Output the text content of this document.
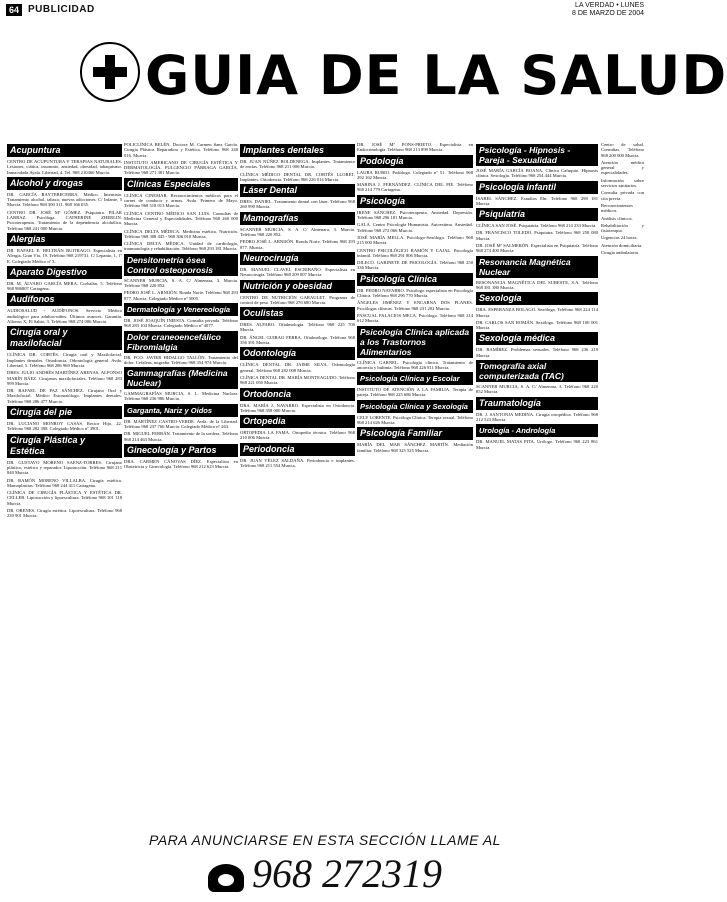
64 PUBLICIDAD	LA VERDAD • LUNES
8 DE MARZO DE 2004
GUIA DE LA SALUD
Acupuntura
CENTRO DE ACUPUNTURA Y TERAPIAS NATURALES. Lesiones, ciática, insomnio, ansiedad, obesidad, tabaquismo. Inmaculada Ayala. Libertad, 4. Tel. 968 210460 Murcia.
Alcohol y drogas
DR. GARCÍA RAYTEBECERRA. Médico. Internista. Tratamiento alcohol, tabaco, nuevas adicciones. C/ Infante, 5 Murcia. Teléfono 968 300 311. 968 166 035.
CENTRO DR. JOSÉ Mª GÓMEZ. Psiquiatra. PILAR LARRAZ. Psicóloga. CATHERINE ZHERLIN. Psicoterapeuta. Tratamiento de la dependencia alcohólica. Teléfono 968 241 000 Murcia.
Alergias
DR. RAFAEL E. BELTRÁN BUITRAGO. Especialista en Alergia. Gran Vía, 19. Teléfono 968 219731. C/ Lepanto, 1, 1º E. Colegiado Médico nº 3.
Aparato Digestivo
DR. M. ÁLVARO GARCÍA MERA. Corbalán, 5. Teléfono 968 986807 Cartagena.
Audífonos
AUDIOSALUD - AUDÍFONOS. Servicio Médico audiológico para adultos-niños. Últimos avances. Garantía. Alfonso X, El Sabio, 3. Teléfono 968 274 006 Murcia.
Cirugía oral y maxilofacial
CLÍNICA DR. CORTÉS. Cirugía oral y Maxilofacial. Implantes dentales. Ortodoncia. Odontología general. Avda. Libertad, 5. Teléfono 968 286 969 Murcia.
DRES. JULIO ANDRÉS MARTÍNEZ ARENAS, ALFONSO MARÍN BÁEZ. Cirujanos maxilofaciales. Teléfono 968 283 999 Murcia.
DR. RAFAEL DE PAZ SÁNCHEZ. Cirujano Oral y Maxilofacial. Médico Estomatólogo. Implantes dentales. Teléfono 968 286 477 Murcia.
Cirugía del pie
DR. LUCIANO MONROY CASAS. Rector Hijo, 22. Teléfono 968 282 398. Colegiado Médico nº 3901.
Cirugía Plástica y Estética
DR. GUSTAVO MORENO SAENZ-TORRES. Cirujano plástico, estético y reparador. Liposucción. Teléfono 968 211 840 Murcia.
DR. RAMÓN MORENO VILLALBA. Cirugía estética. Mamoplastias. Teléfono 968 244 411 Cartagena.
CLÍNICA DE CIRUGÍA PLÁSTICA Y ESTÉTICA DR. CELLER. Liposucción y lipoescultura. Teléfono 968 101 118 Murcia.
DR. ORENES. Cirugía estética. Lipoescultura. Teléfono 968 230 901 Murcia.
POLICLÍNICA BELÉN. Doctora M. Carmen Sanz García. Cirugía Plástica Reparadora y Estética. Teléfono 968 240 016. Murcia.
INSTITUTO AMERICANO DE CIRUGÍA ESTÉTICA Y DERMATOLOGÍA. FULGENCIO PÁRRAGA GARCÍA. Teléfono 968 271 381 Murcia.
Clínicas Especiales
CLÍNICA CINEMAR. Reconocimientos médicos para el carnet de conducir y armas. Avda. Primero de Mayo. Teléfono 968 518 013 Murcia.
CLÍNICA CENTRO MÉDICO SAN LUIS. Consultas de Medicina General y Especialidades. Teléfono 968 260 000 Murcia.
CLÍNICA DELTA MÉDICA. Medicina estética. Nutrición. Teléfono 968 308 445 - 968 306 010 Murcia.
CLÍNICA DELTA MÉDICA. Unidad de cardiología, traumatología y rehabilitación. Teléfono 968 293 181 Murcia.
Densitometría ósea Control osteoporosis
SCANNER MURCIA, S. A. C/ Almenara, 3. Murcia. Teléfono 968 220 852.
PEDRO JOSÉ L. ARNIJÓN. Ronda Norte. Teléfono 968 293 877. Murcia. Colegiado Médico nº 5005.
Dermatología y Venereología
DR. JOSÉ JOAQUÍN INIESTA. Consulta privada. Teléfono 968 283 104 Murcia. Colegiado Médico nº 4077.
Dolor craneoencefálico Fibromialgia
DR. FCO. JAVIER HIDALGO TALLÓN. Tratamiento del dolor. Cefaleas, migraña. Teléfono 968 354 974 Murcia.
Gammagrafías (Medicina Nuclear)
GAMMAGRAFÍAS MURCIA, S. L. Medicina Nuclear. Teléfono 968 236 986 Murcia.
Garganta, Nariz y Oídos
DR. MARTÍNEZ CASTRO-VERDE. Avda. de la Libertad. Teléfono 968 237 766 Murcia. Colegiado Médico nº 263.
DR. MIGUEL FERRÁN. Tratamiento de la sordera. Teléfono 968 214 463 Murcia.
Ginecología y Partos
DRA. CARMEN CÁNOVAS DÍEZ. Especialista en Obstetricia y Ginecología. Teléfono 968 212 623 Murcia.
Implantes dentales
DR. JUAN NÚÑEZ BOLDENEGA. Implantes. Tratamiento de encías. Teléfono 968 211 006 Murcia.
CLÍNICA MÉDICO DENTAL DR. CORTÉS LLORET. Implantes. Ortodoncia. Teléfono 968 226 014 Murcia.
Láser Dental
DRES. DANIEL. Tratamiento dental con láser. Teléfono 968 260 990 Murcia.
Mamografías
SCANNER MURCIA, S. A. C/ Almenara, 3. Murcia. Teléfono 968 220 852.
PEDRO JOSÉ L. ARNIJÓN. Ronda Norte. Teléfono 968 293 877. Murcia.
Neurocirugía
DR. MANUEL CLAVEL ESCRIBANO. Especialista en Neurocirugía. Teléfono 968 209 007 Murcia.
Nutrición y obesidad
CENTRO DE NUTRICIÓN GARAULET. Programa de control de peso. Teléfono 968 276 680 Murcia.
Oculistas
DRES. ALFARO. Oftalmología. Teléfono 968 225 700 Murcia.
DR. ÁNGEL GUIRAO FERRA. Oftalmólogo. Teléfono 968 356 391 Murcia.
Odontología
CLÍNICA DENTAL DR. JAIME SILVA. Odontología general. Teléfono 968 282 008 Murcia.
CLÍNICA DENTAL DR. MARÍA MONTEAGUDO. Teléfono 968 221 050 Murcia.
Ortodoncia
DRA. MARÍA J. NAVARRO. Especialista en Ortodoncia. Teléfono 968 358 000 Murcia.
Ortopedia
ORTOPEDIA LA FAMA. Ortopedia técnica. Teléfono 968 210 006 Murcia.
Periodoncia
DR. JUAN VÉLEZ SALDAÑA. Periodoncia e implantes. Teléfono 968 211 554 Murcia.
DR. JOSÉ Mª PONS-PRIETO. Especialista en Endocrinología. Teléfono 968 213 899 Murcia.
Podología
LAURA RUBIO. Podóloga. Colegiado nº 51. Teléfono 968 292 162 Murcia.
MARINA J. FERNÁNDEZ. CLÍNICA DEL PIE. Teléfono 968 214 779 Cartagena.
Psicología
IRENE SÁNCHEZ. Psicoterapeuta. Ansiedad. Depresión. Teléfono 968 296 181 Murcia.
GALA. Centro Psicología Humanista. Autoestima. Ansiedad. Teléfono 968 272 066 Murcia.
JOSÉ MARÍA MELLA. Psicólogo-Sexólogo. Teléfono 968 215 000 Murcia.
CENTRO PSICOLÓGICO RAMÓN Y CAJAL. Psicología infantil. Teléfono 968 291 806 Murcia.
DILECO. GABINETE DE PSICOLOGÍA. Teléfono 968 250 336 Murcia.
Psicología Clínica
DR. PEDRO NAVARRO. Psicólogo especialista en Psicología Clínica. Teléfono 968 296 770 Murcia.
ÁNGELES JIMÉNEZ Y ENCARNA DOS PLANES. Psicólogas clínicas. Teléfono 968 231 202 Murcia.
PASCUAL PALACIOS MECA. Psicólogo. Teléfono 968 214 612 Murcia.
Psicología Clínica aplicada a los Trastornos Alimentarios
CLÍNICA GARNEL. Psicología clínica. Tratamiento de anorexia y bulimia. Teléfono 968 226 811 Murcia.
Psicología Clínica y Escolar
INSTITUTO DE ATENCIÓN A LA FAMILIA. Terapia de pareja. Teléfono 968 225 686 Murcia.
Psicología Clínica y Sexología
CELY LORENTE. Psicóloga Clínica. Terapia sexual. Teléfono 968 214 626 Murcia.
Psicología Familiar
MARÍA DEL MAR SÁNCHEZ MARTÍN. Mediación familiar. Teléfono 968 325 525 Murcia.
Psicología - Hipnosis - Pareja - Sexualidad
JOSÉ MARÍA GARCÍA BOANA. Clínica Cafuquio. Hipnosis clínica. Sexología. Teléfono 968 254 444 Murcia.
Psicología infantil
ISABEL SÁNCHEZ. Estudios Ehr. Teléfono 968 298 181 Murcia.
Psiquiatría
CLÍNICA SAN JOSÉ. Psiquiatría. Teléfono 968 214 233 Murcia.
DR. FRANCISCO TOLEDO. Psiquiatra. Teléfono 968 258 080 Murcia.
DR. JOSÉ Mª SALMERÓN. Especialista en Psiquiatría. Teléfono 968 274 400 Murcia.
Resonancia Magnética Nuclear
RESONANCIA MAGNÉTICA DEL SURESTE, S.A. Teléfono 968 381 380 Murcia.
Sexología
DRA. ESPERANZA BOLAGO. Sexóloga. Teléfono 968 224 114 Murcia.
DR. CARLOS SAN ROMÁN. Sexólogo. Teléfono 968 100 001 Murcia.
Sexología médica
DR. RAMÍREZ. Problemas sexuales. Teléfono 968 236 219 Murcia.
Tomografía axial computerizada (TAC)
SCANNER MURCIA, S. A. C/ Almenara, 3. Teléfono 968 220 852 Murcia.
Traumatología
DR. J. SANTONJA MEDINA. Cirugía ortopédica. Teléfono 968 212 523 Murcia.
Urología - Andrología
DR. MANUEL MATAS PITA. Urólogo. Teléfono 968 223 861 Murcia.
Centro de salud. Consultas. Teléfono 968 200 000 Murcia.
Atención médica general y especialidades.
Información sobre servicios sanitarios.
Consulta privada con cita previa.
Reconocimientos médicos.
Análisis clínicos.
Rehabilitación y fisioterapia.
Urgencias 24 horas.
Atención domiciliaria.
Cirugía ambulatoria.
PARA ANUNCIARSE EN ESTA SECCIÓN LLAME AL
968 272319
